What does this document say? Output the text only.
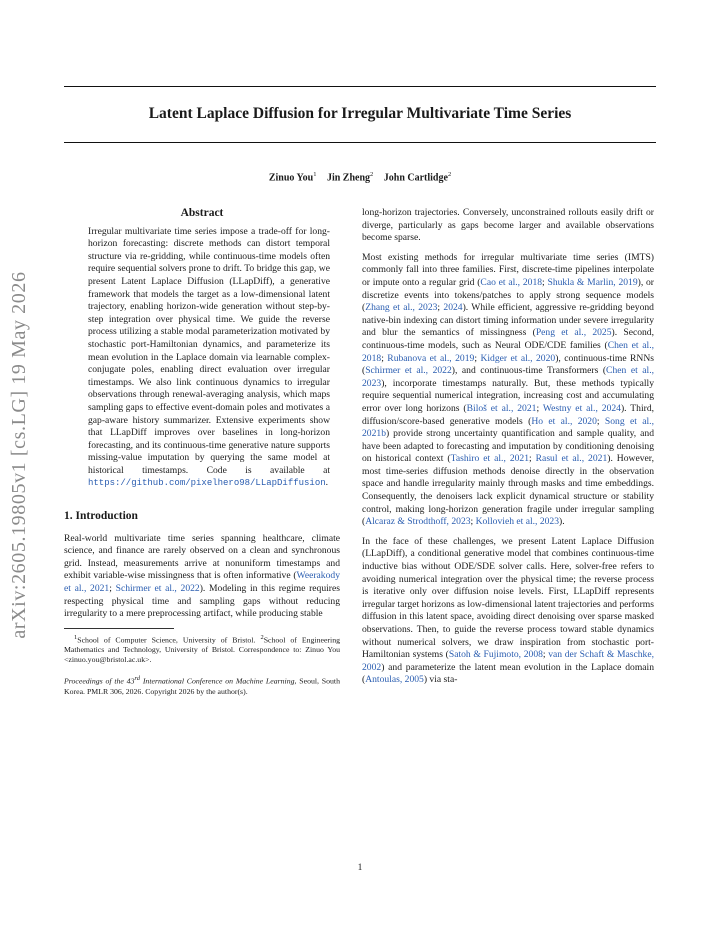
Latent Laplace Diffusion for Irregular Multivariate Time Series
Zinuo You$^1$ Jin Zheng$^2$ John Cartlidge$^2$
arXiv:2605.19805v1 [cs.LG] 19 May 2026
Abstract
Irregular multivariate time series impose a trade-off for long-horizon forecasting: discrete methods can distort temporal structure via re-gridding, while continuous-time models often require sequential solvers prone to drift. To bridge this gap, we present Latent Laplace Diffusion (LLapDiff), a generative framework that models the target as a low-dimensional latent trajectory, enabling horizon-wide generation without step-by-step integration over physical time. We guide the reverse process utilizing a stable modal parameterization motivated by stochastic port-Hamiltonian dynamics, and parameterize its mean evolution in the Laplace domain via learnable complex-conjugate poles, enabling direct evaluation over irregular timestamps. We also link continuous dynamics to irregular observations through renewal-averaging analysis, which maps sampling gaps to effective event-domain poles and motivates a gap-aware history summarizer. Extensive experiments show that LLapDiff improves over baselines in long-horizon forecasting, and its continuous-time generative nature supports missing-value imputation by querying the same model at historical timestamps. Code is available at https://github.com/pixelhero98/LLapDiffusion.
1. Introduction

Real-world multivariate time series spanning healthcare, climate science, and finance are rarely observed on a clean and synchronous grid. Instead, measurements arrive at nonuniform timestamps and exhibit variable-wise missingness that is often informative (Weerakody et al., 2021; Schirmer et al., 2022). Modeling in this regime requires respecting physical time and sampling gaps without reducing irregularity to a mere preprocessing artifact, while producing stable

$^1$School of Computer Science, University of Bristol. $^2$School of Engineering Mathematics and Technology, University of Bristol. Correspondence to: Zinuo You <zinuo.you@bristol.ac.uk>.
Proceedings of the 43rd International Conference on Machine Learning, Seoul, South Korea. PMLR 306, 2026. Copyright 2026 by the author(s).

long-horizon trajectories. Conversely, unconstrained rollouts easily drift or diverge, particularly as gaps become larger and available observations become sparse.

Most existing methods for irregular multivariate time series (IMTS) commonly fall into three families. First, discrete-time pipelines interpolate or impute onto a regular grid (Cao et al., 2018; Shukla & Marlin, 2019), or discretize events into tokens/patches to apply strong sequence models (Zhang et al., 2023; 2024). While efficient, aggressive re-gridding beyond native-bin indexing can distort timing information under severe irregularity and blur the semantics of missingness (Peng et al., 2025). Second, continuous-time models, such as Neural ODE/CDE families (Chen et al., 2018; Rubanova et al., 2019; Kidger et al., 2020), continuous-time RNNs (Schirmer et al., 2022), and continuous-time Transformers (Chen et al., 2023), incorporate timestamps naturally. But, these methods typically require sequential numerical integration, increasing cost and accumulating error over long horizons (Biloš et al., 2021; Westny et al., 2024). Third, diffusion/score-based generative models (Ho et al., 2020; Song et al., 2021b) provide strong uncertainty quantification and sample quality, and have been adapted to forecasting and imputation by conditioning denoising on historical context (Tashiro et al., 2021; Rasul et al., 2021). However, most time-series diffusion methods denoise directly in the observation space and handle irregularity mainly through masks and time embeddings. Consequently, the denoisers lack explicit dynamical structure or stability control, making long-horizon generation fragile under irregular sampling (Alcaraz & Strodthoff, 2023; Kollovieh et al., 2023).

In the face of these challenges, we present Latent Laplace Diffusion (LLapDiff), a conditional generative model that combines continuous-time inductive bias without ODE/SDE solver calls. Here, solver-free refers to avoiding numerical integration over the physical time; the reverse process is iterative only over diffusion noise levels. First, LLapDiff represents irregular target horizons as low-dimensional latent trajectories and performs diffusion in this latent space, avoiding direct denoising over sparse masked observations. Then, to guide the reverse process toward stable dynamics without numerical solvers, we draw inspiration from stochastic port-Hamiltonian systems (Satoh & Fujimoto, 2008; van der Schaft & Maschke, 2002) and parameterize the latent mean evolution in the Laplace domain (Antoulas, 2005) via sta-

1
